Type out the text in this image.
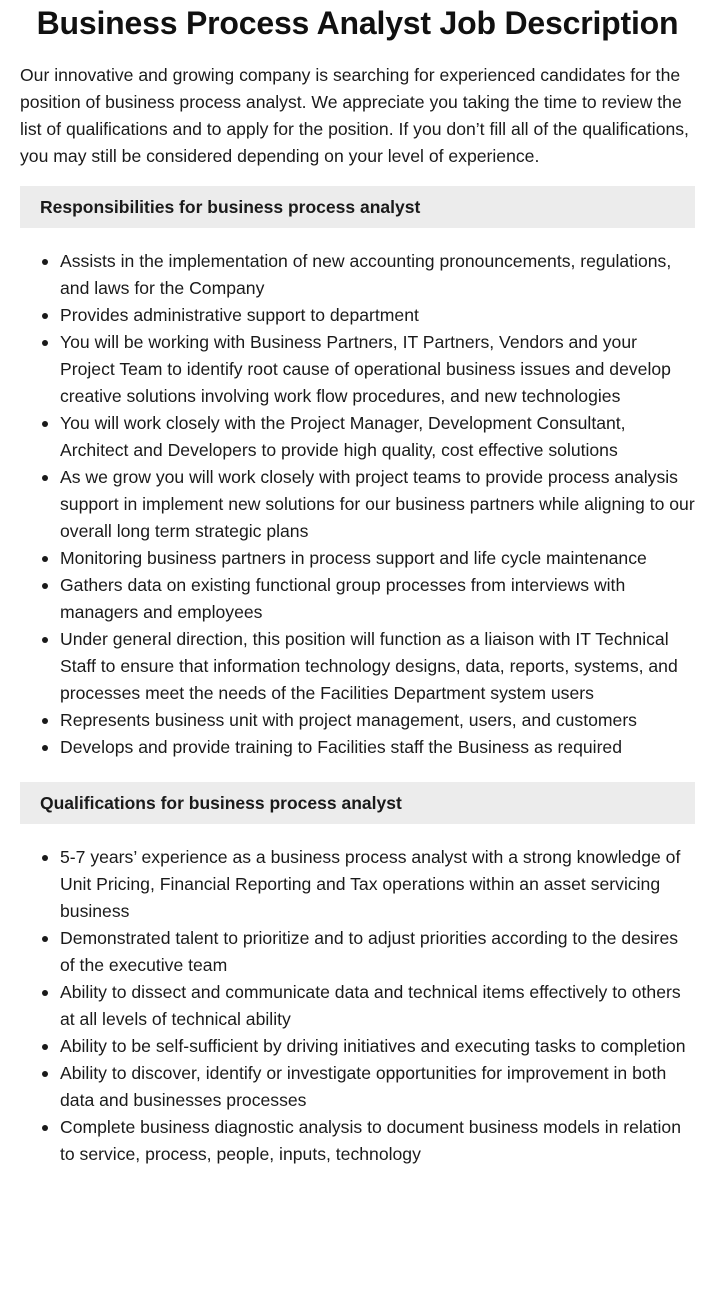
Business Process Analyst Job Description

Our innovative and growing company is searching for experienced candidates for the position of business process analyst. We appreciate you taking the time to review the list of qualifications and to apply for the position. If you don’t fill all of the qualifications, you may still be considered depending on your level of experience.

Responsibilities for business process analyst
Assists in the implementation of new accounting pronouncements, regulations, and laws for the Company
Provides administrative support to department
You will be working with Business Partners, IT Partners, Vendors and your Project Team to identify root cause of operational business issues and develop creative solutions involving work flow procedures, and new technologies
You will work closely with the Project Manager, Development Consultant, Architect and Developers to provide high quality, cost effective solutions
As we grow you will work closely with project teams to provide process analysis support in implement new solutions for our business partners while aligning to our overall long term strategic plans
Monitoring business partners in process support and life cycle maintenance
Gathers data on existing functional group processes from interviews with managers and employees
Under general direction, this position will function as a liaison with IT Technical Staff to ensure that information technology designs, data, reports, systems, and processes meet the needs of the Facilities Department system users
Represents business unit with project management, users, and customers
Develops and provide training to Facilities staff the Business as required
Qualifications for business process analyst
5-7 years’ experience as a business process analyst with a strong knowledge of Unit Pricing, Financial Reporting and Tax operations within an asset servicing business
Demonstrated talent to prioritize and to adjust priorities according to the desires of the executive team
Ability to dissect and communicate data and technical items effectively to others at all levels of technical ability
Ability to be self-sufficient by driving initiatives and executing tasks to completion
Ability to discover, identify or investigate opportunities for improvement in both data and businesses processes
Complete business diagnostic analysis to document business models in relation to service, process, people, inputs, technology
